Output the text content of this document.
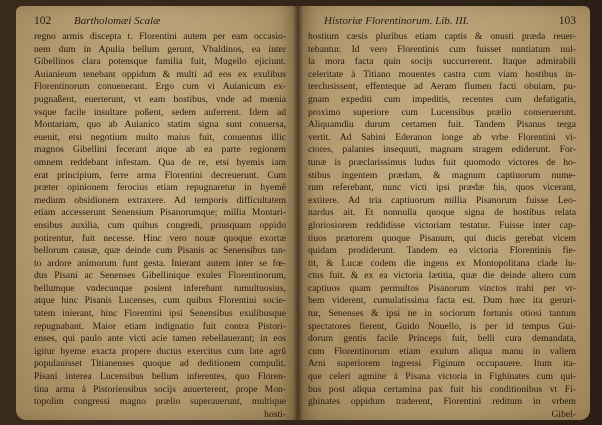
102 Bartholomæi Scalæ
regno armis discepta t. Florentini autem per eam occasio-
nem dum in Apulia bellum gerunt, Vbaldinos, ea inter
Gibellinos clara potensque familia fuit, Mugello ejiciunt.
Auianieum tenebant oppidum & multi ad eos ex exulibus
Florentinorum conuenerant. Ergo cum vi Auianicum ex-
pugnaßent, euerterunt, vt eam hostibus, vnde ad mœnia
vsque facile insultare poßent, sedem auferrent. Idem ad
Montariam, quo ab Auianico statim signa sunt conuersa,
euenit, etsi negotium multo maius fuit, conuentus illic
magnos Gibellini fecerant atque ab ea parte regionem
omnem reddebant infestam. Qua de re, etsi hyemis iam
erat principium, ferre arma Florentini decreuerunt. Cum
præter opinionem ferocius etiam repugnaretur in hyemê
medium obsidionem extraxere. Ad temporis difficultatem
etiam accesserunt Senensium Pisanorumque; millia Montari-
ensibus auxilia, cum quibus congredi, priusquam oppido
potirentur, fuit necesse. Hinc vero nouæ quoque exortæ
bellorum causæ, quæ deinde cum Pisanis ac Senensibus tan-
to ardore animorum funt gesta. Inierant autem inter se fœ-
dus Pisani ac Senenses Gibellinique exules Florentinorum,
bellumque vndecunque posient inferebant tumultuosius,
atque hinc Pisanis Lucenses, cum quibus Florentini socie-
tatem inierant, hinc Florentini ipsi Senensibus exulibusque
repugnabant. Maior etiam indignatio fuit contra Pistori-
enses, qui paulo ante victi acie tamen rebellauerant; in eos
igitur hyeme exacta propere ductus exercitus cum late agrû
populauisset Titianenses quoque ad deditionem compulit.
Pisani interea Lucensibus bellum inferentes, quo Floren-
tina arma à Pistoriensibus socijs auuerterent, prope Mon-
topolim congressi magno prælio superauerunt, multique
hosti-
Historiæ Florentinorum. Lib. III.	103
hostium cæsis pluribus etiam captis & onusti præda reuer-
tebantur. Id vero Florentinis cum fuisset nuntiatum nul-
la mora facta quin socijs succurrerent. Itaque admirabili
celeritate à Titiano mouentes castra cum viam hostibus in-
terclusissent, effenteque ad Aeram flumen facti obuiam, pu-
gnam expediti cum impeditis, recentes cum defatigatis,
proximo superiore cum Lucensibus prælio conseruerunt.
Aliquamdiu durum certamen fuit. Tandem Pisanus terga
vertit. Ad Sabini Ederanon longe ab vrbe Florentini vi-
ctores, palantes insequuti, magnam stragem ediderunt. For-
tunæ is præclarissimus ludus fuit quomodo victores de ho-
stibus ingentem prædam, & magnum captiuorum nume-
rum referebant, nunc victi ipsi prædæ his, quos vicerant,
extitere. Ad tria captiuorum millia Pisanorum fuisse Leo-
nardus ait. Et nonnulla quoque signa de hostibus relata
gloriosiorem reddidisse victoriam testatur. Fuisse inter cap-
tiuos prætorem quoque Pisanum, qui ducis gerebat vicem
quidam prodiderunt. Tandem ea victoria Florentinis fie-
tit, & Lucæ codem die ingens ex Montopolitana clade lu-
ctus fuit. & ex ea victoria lætitia, quæ die deinde altero cum
captiuos quam permultos Pisanorum vinctos trahi per vr-
bem viderent, cumulatissima facta est. Dum hæc ita geruri-
tur, Senenses & ipsi ne in sociorum fortunis otiosi tantum
spectatores fierent, Guido Nouello, is per id tempus Gui-
dorum gentis facile Princeps fuit, belli cura demandata,
cum Florentinorum etiam exulum aliqua manu in vallem
Arni superiorem ingressi Figinum occupauere. Itum ita-
que celeri agmine à Pisana victoria in Fighinates cum qui-
bus post aliqua certamina pax fuit his conditionibus vt Fi-
ghinates oppidum traderent, Florentini reditum in vrbem
Gibel-
